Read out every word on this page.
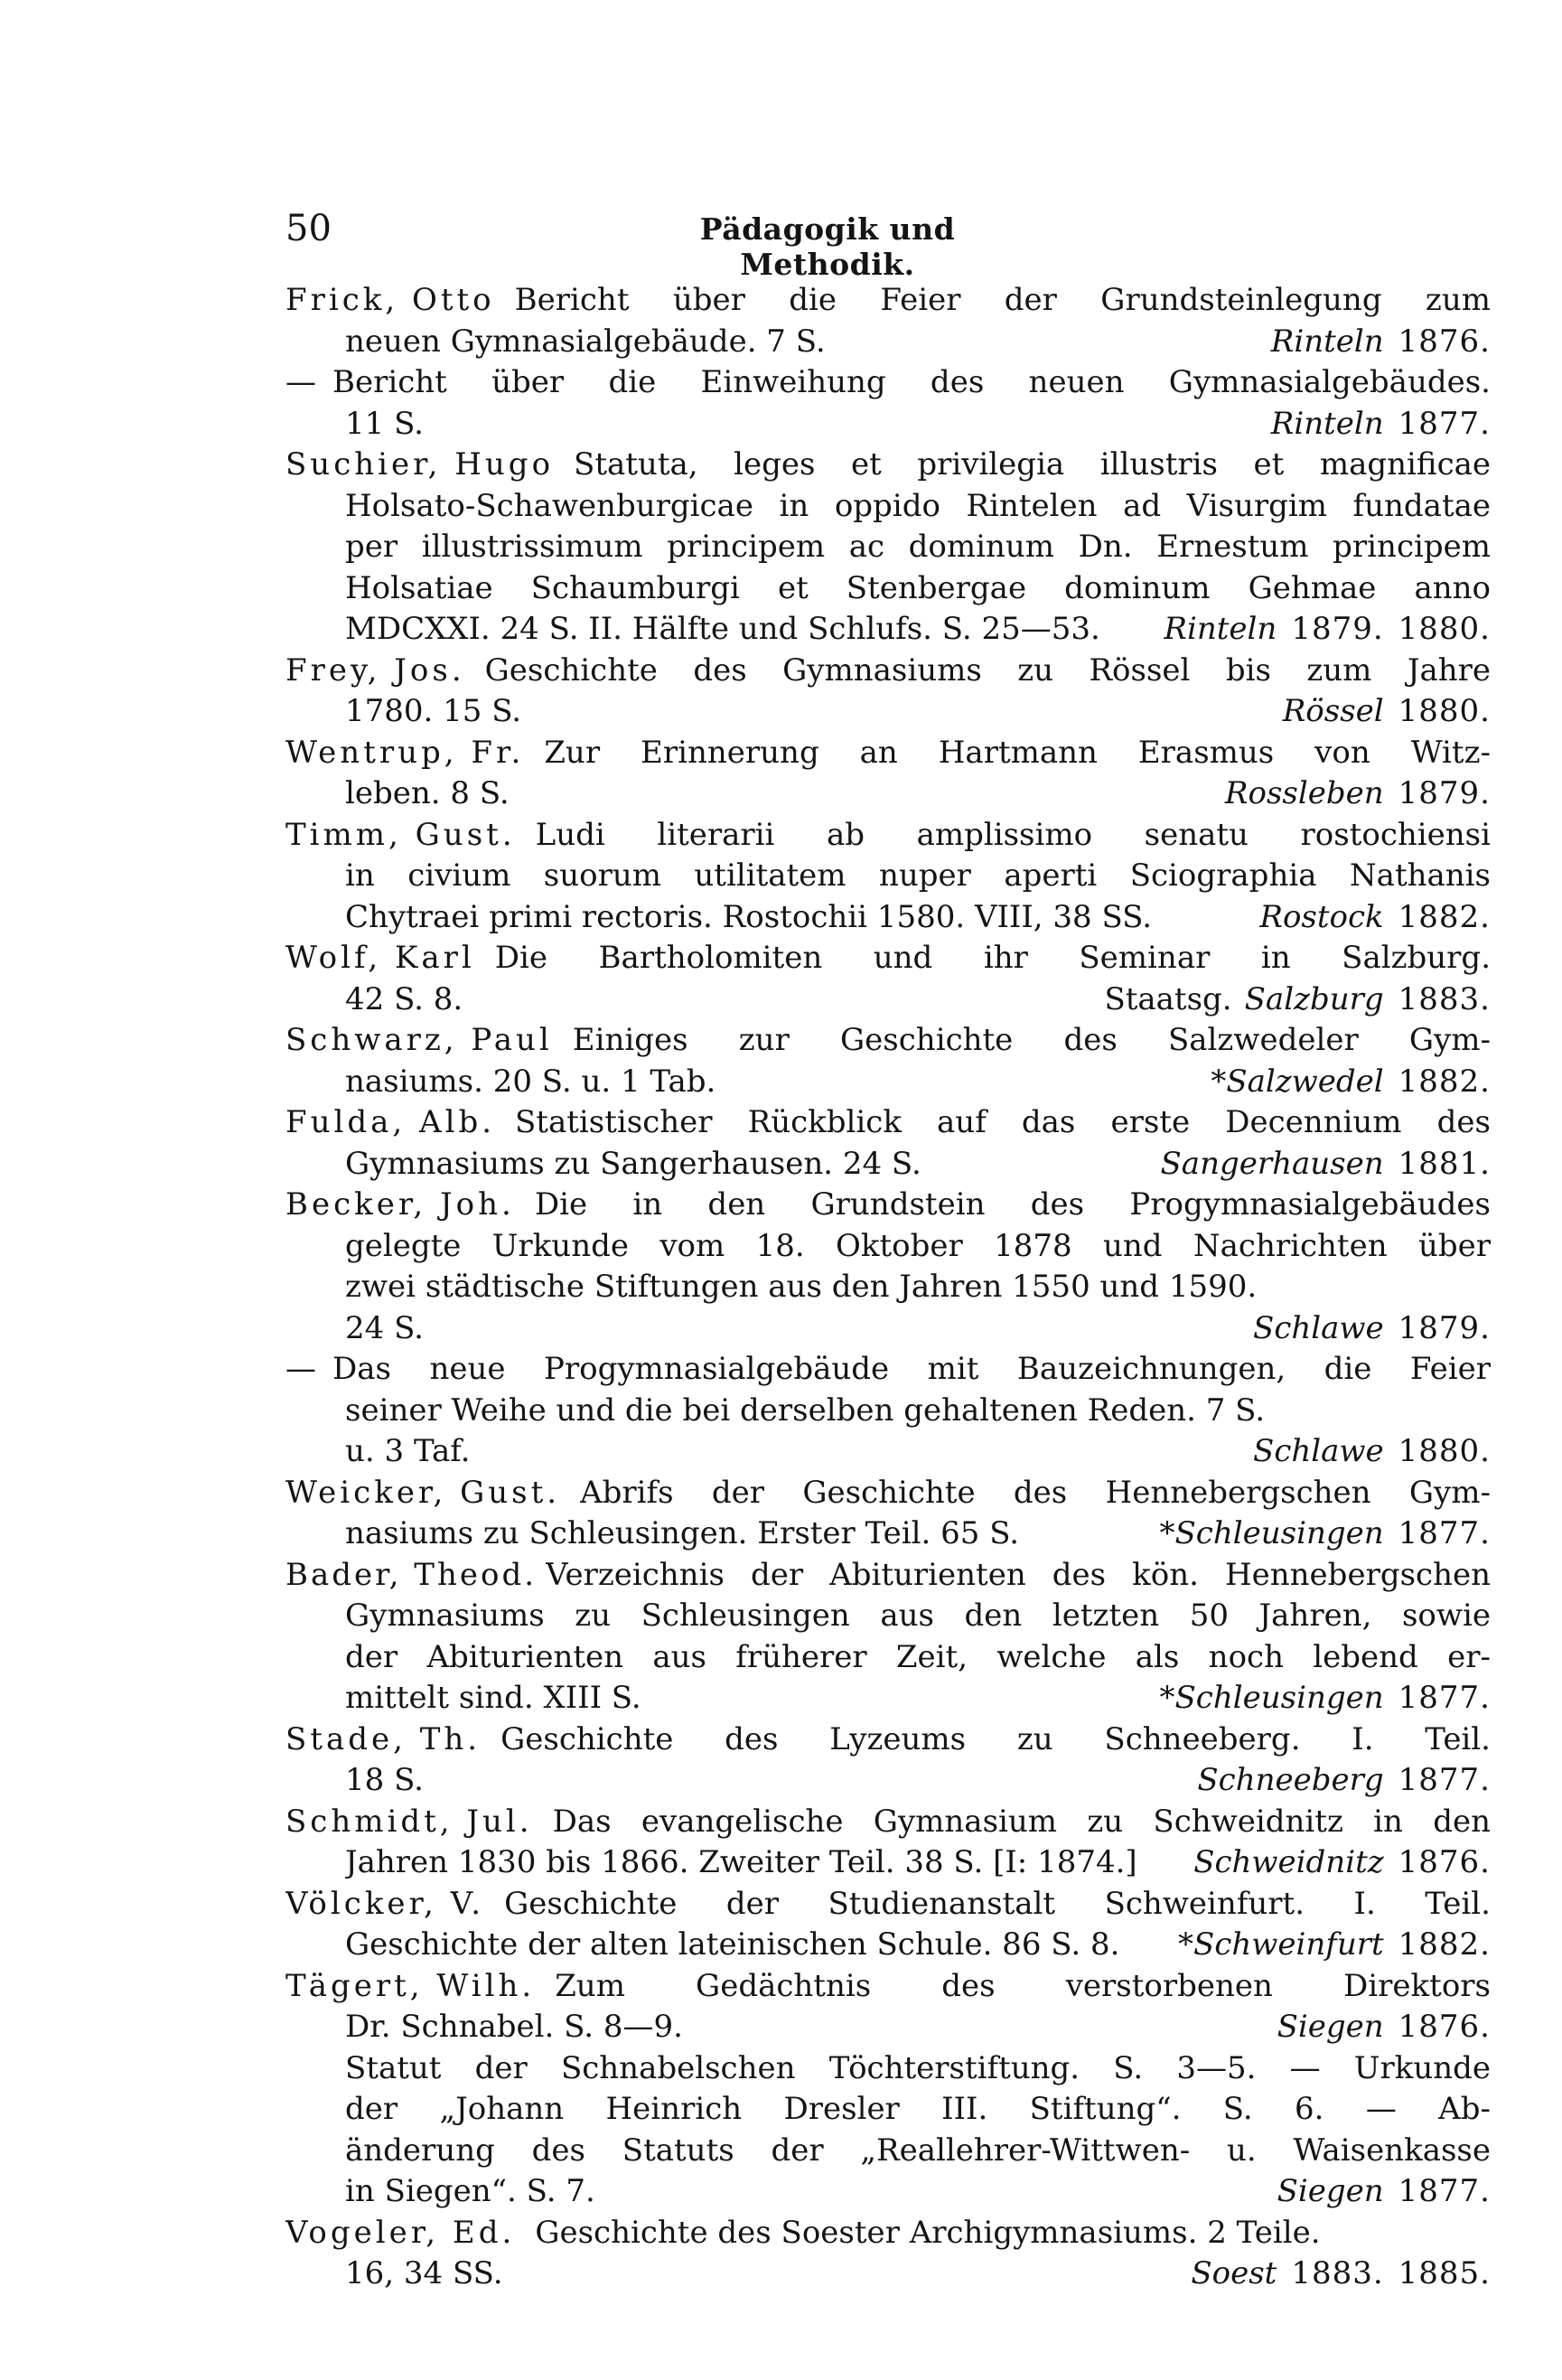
50	Pädagogik und Methodik.
Frick, Otto Bericht über die Feier der Grundsteinlegung zum
neuen Gymnasialgebäude. 7 S.	Rinteln 1876.
— Bericht über die Einweihung des neuen Gymnasialgebäudes.
11 S.	Rinteln 1877.
Suchier, Hugo Statuta, leges et privilegia illustris et magnificae
Holsato-Schawenburgicae in oppido Rintelen ad Visurgim fundatae
per illustrissimum principem ac dominum Dn. Ernestum principem
Holsatiae Schaumburgi et Stenbergae dominum Gehmae anno
MDCXXI. 24 S. II. Hälfte und Schlufs. S. 25—53.	Rinteln 1879. 1880.
Frey, Jos. Geschichte des Gymnasiums zu Rössel bis zum Jahre
1780. 15 S.	Rössel 1880.
Wentrup, Fr. Zur Erinnerung an Hartmann Erasmus von Witz-
leben. 8 S.	Rossleben 1879.
Timm, Gust. Ludi literarii ab amplissimo senatu rostochiensi
in civium suorum utilitatem nuper aperti Sciographia Nathanis
Chytraei primi rectoris. Rostochii 1580. VIII, 38 SS.	Rostock 1882.
Wolf, Karl Die Bartholomiten und ihr Seminar in Salzburg.
42 S. 8.	Staatsg. Salzburg 1883.
Schwarz, Paul Einiges zur Geschichte des Salzwedeler Gym-
nasiums. 20 S. u. 1 Tab.	*Salzwedel 1882.
Fulda, Alb. Statistischer Rückblick auf das erste Decennium des
Gymnasiums zu Sangerhausen. 24 S.	Sangerhausen 1881.
Becker, Joh. Die in den Grundstein des Progymnasialgebäudes
gelegte Urkunde vom 18. Oktober 1878 und Nachrichten über
zwei städtische Stiftungen aus den Jahren 1550 und 1590.
24 S.	Schlawe 1879.
— Das neue Progymnasialgebäude mit Bauzeichnungen, die Feier
seiner Weihe und die bei derselben gehaltenen Reden. 7 S.
u. 3 Taf.	Schlawe 1880.
Weicker, Gust. Abrifs der Geschichte des Hennebergschen Gym-
nasiums zu Schleusingen. Erster Teil. 65 S.	*Schleusingen 1877.
Bader, Theod. Verzeichnis der Abiturienten des kön. Hennebergschen
Gymnasiums zu Schleusingen aus den letzten 50 Jahren, sowie
der Abiturienten aus früherer Zeit, welche als noch lebend er-
mittelt sind. XIII S.	*Schleusingen 1877.
Stade, Th. Geschichte des Lyzeums zu Schneeberg. I. Teil.
18 S.	Schneeberg 1877.
Schmidt, Jul. Das evangelische Gymnasium zu Schweidnitz in den
Jahren 1830 bis 1866. Zweiter Teil. 38 S. [I: 1874.]	Schweidnitz 1876.
Völcker, V. Geschichte der Studienanstalt Schweinfurt. I. Teil.
Geschichte der alten lateinischen Schule. 86 S. 8.	*Schweinfurt 1882.
Tägert, Wilh. Zum Gedächtnis des verstorbenen Direktors
Dr. Schnabel. S. 8—9.	Siegen 1876.
Statut der Schnabelschen Töchterstiftung. S. 3—5. — Urkunde
der „Johann Heinrich Dresler III. Stiftung“. S. 6. — Ab-
änderung des Statuts der „Reallehrer-Wittwen- u. Waisenkasse
in Siegen“. S. 7.	Siegen 1877.
Vogeler, Ed. Geschichte des Soester Archigymnasiums. 2 Teile.
16, 34 SS.	Soest 1883. 1885.
